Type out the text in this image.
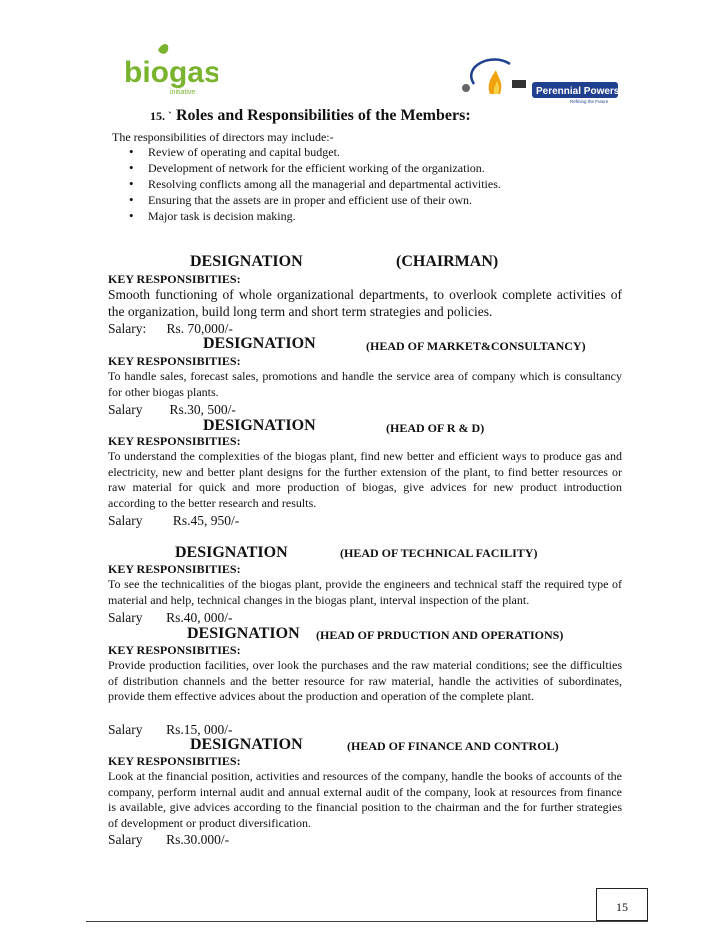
biogas
initiative	Perennial Powers
Refining the Future
15. ` Roles and Responsibilities of the Members:
The responsibilities of directors may include:-
• Review of operating and capital budget.
• Development of network for the efficient working of the organization.
• Resolving conflicts among all the managerial and departmental activities.
• Ensuring that the assets are in proper and efficient use of their own.
• Major task is decision making.
DESIGNATION	(CHAIRMAN)
KEY RESPONSIBITIES:
Smooth functioning of whole organizational departments, to overlook complete activities of the organization, build long term and short term strategies and policies.
Salary:      Rs. 70,000/-
DESIGNATION	(HEAD OF MARKET&CONSULTANCY)
KEY RESPONSIBITIES:
To handle sales, forecast sales, promotions and handle the service area of company which is consultancy for other biogas plants.
Salary        Rs.30, 500/-
DESIGNATION	(HEAD OF R & D)
KEY RESPONSIBITIES:
To understand the complexities of the biogas plant, find new better and efficient ways to produce gas and electricity, new and better plant designs for the further extension of the plant, to find better resources or raw material for quick and more production of biogas, give advices for new product introduction according to the better research and results.
Salary         Rs.45, 950/-
DESIGNATION	(HEAD OF TECHNICAL FACILITY)
KEY RESPONSIBITIES:
To see the technicalities of the biogas plant, provide the engineers and technical staff the required type of material and help, technical changes in the biogas plant, interval inspection of the plant.
Salary       Rs.40, 000/-
DESIGNATION (HEAD OF PRDUCTION AND OPERATIONS)
KEY RESPONSIBITIES:
Provide production facilities, over look the purchases and the raw material conditions; see the difficulties of distribution channels and the better resource for raw material, handle the activities of subordinates, provide them effective advices about the production and operation of the complete plant.
Salary       Rs.15, 000/-
DESIGNATION	(HEAD OF FINANCE AND CONTROL)
KEY RESPONSIBITIES:
Look at the financial position, activities and resources of the company, handle the books of accounts of the company, perform internal audit and annual external audit of the company, look at resources from finance is available, give advices according to the financial position to the chairman and the for further strategies of development or product diversification.
Salary       Rs.30.000/-
15
